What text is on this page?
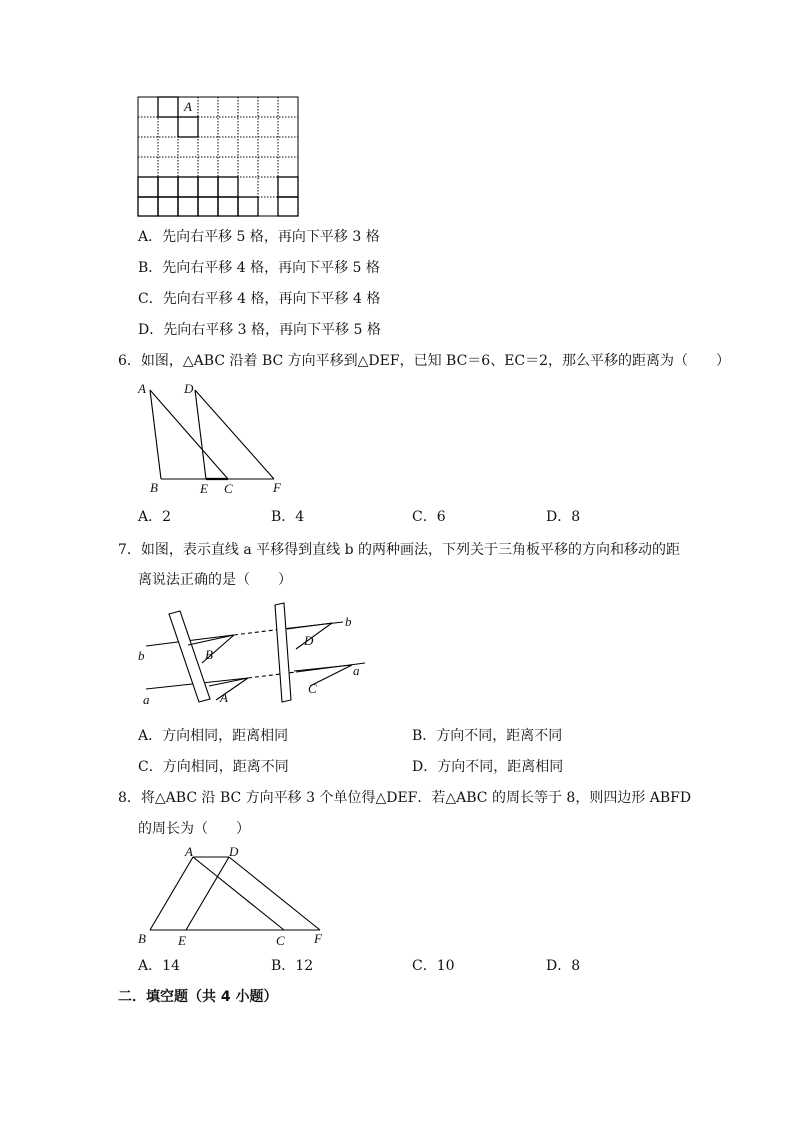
A
A．先向右平移 5 格，再向下平移 3 格
B．先向右平移 4 格，再向下平移 5 格
C．先向右平移 4 格，再向下平移 4 格
D．先向右平移 3 格，再向下平移 5 格
6．如图，△ABC 沿着 BC 方向平移到△DEF，已知 BC＝6、EC＝2，那么平移的距离为（　　）
A	D
B	E C	F
A．2	B．4	C．6	D．8
7．如图，表示直线 a 平移得到直线 b 的两种画法，下列关于三角板平移的方向和移动的距
离说法正确的是（　　）
b	B
a	A
D
b
C
a
A．方向相同，距离相同	B．方向不同，距离不同
C．方向相同，距离不同	D．方向不同，距离相同
8．将△ABC 沿 BC 方向平移 3 个单位得△DEF．若△ABC 的周长等于 8，则四边形 ABFD
的周长为（　　）
A	D
B E	C F
A．14	B．12	C．10	D．8
二．填空题（共 4 小题）
